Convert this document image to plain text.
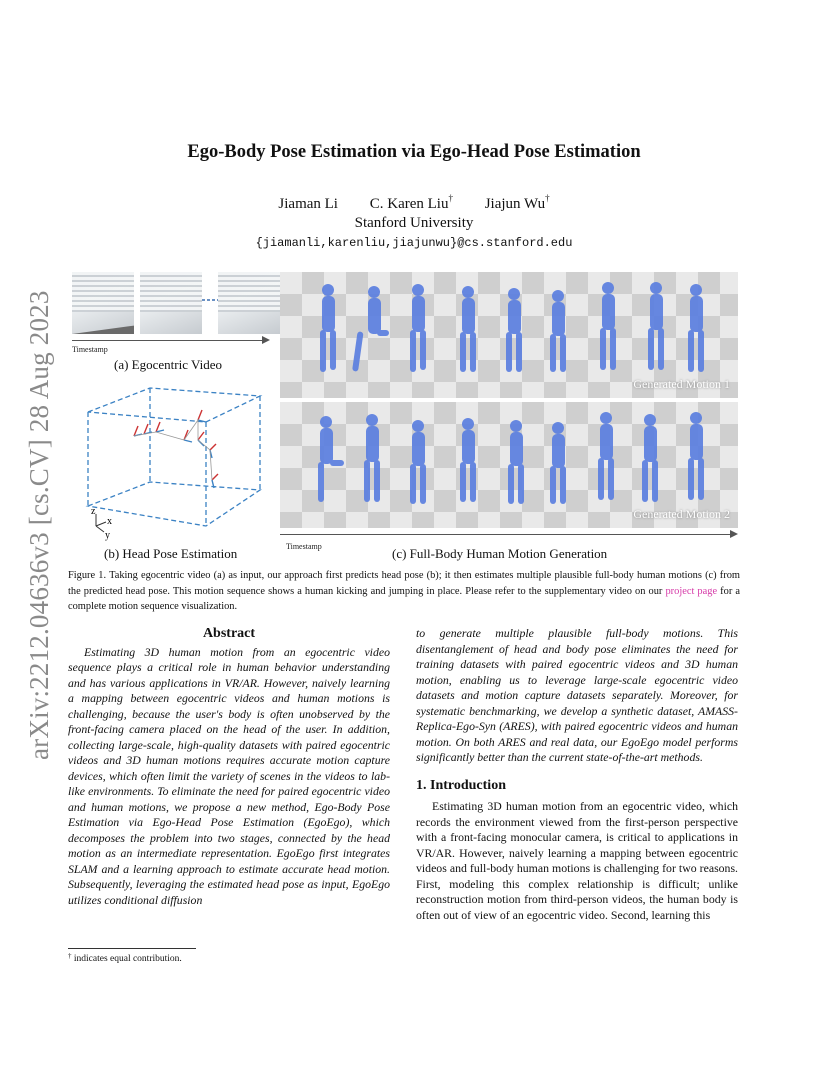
arXiv:2212.04636v3 [cs.CV] 28 Aug 2023
Ego-Body Pose Estimation via Ego-Head Pose Estimation
Jiaman Li C. Karen Liu† Jiajun Wu†
Stanford University
{jiamanli,karenliu,jiajunwu}@cs.stanford.edu
Timestamp
(a) Egocentric Video
z
x
y
(b) Head Pose Estimation
Generated Motion 1
Generated Motion 2
Timestamp	(c) Full-Body Human Motion Generation
Figure 1. Taking egocentric video (a) as input, our approach first predicts head pose (b); it then estimates multiple plausible full-body human motions (c) from the predicted head pose. This motion sequence shows a human kicking and jumping in place. Please refer to the supplementary video on our project page for a complete motion sequence visualization.
Abstract

Estimating 3D human motion from an egocentric video sequence plays a critical role in human behavior understanding and has various applications in VR/AR. However, naively learning a mapping between egocentric videos and human motions is challenging, because the user's body is often unobserved by the front-facing camera placed on the head of the user. In addition, collecting large-scale, high-quality datasets with paired egocentric videos and 3D human motions requires accurate motion capture devices, which often limit the variety of scenes in the videos to lab-like environments. To eliminate the need for paired egocentric video and human motions, we propose a new method, Ego-Body Pose Estimation via Ego-Head Pose Estimation (EgoEgo), which decomposes the problem into two stages, connected by the head motion as an intermediate representation. EgoEgo first integrates SLAM and a learning approach to estimate accurate head motion. Subsequently, leveraging the estimated head pose as input, EgoEgo utilizes conditional diffusion

to generate multiple plausible full-body motions. This disentanglement of head and body pose eliminates the need for training datasets with paired egocentric videos and 3D human motion, enabling us to leverage large-scale egocentric video datasets and motion capture datasets separately. Moreover, for systematic benchmarking, we develop a synthetic dataset, AMASS-Replica-Ego-Syn (ARES), with paired egocentric videos and human motion. On both ARES and real data, our EgoEgo model performs significantly better than the current state-of-the-art methods.

1. Introduction

Estimating 3D human motion from an egocentric video, which records the environment viewed from the first-person perspective with a front-facing monocular camera, is critical to applications in VR/AR. However, naively learning a mapping between egocentric videos and full-body human motions is challenging for two reasons. First, modeling this complex relationship is difficult; unlike reconstruction motion from third-person videos, the human body is often out of view of an egocentric video. Second, learning this

† indicates equal contribution.
